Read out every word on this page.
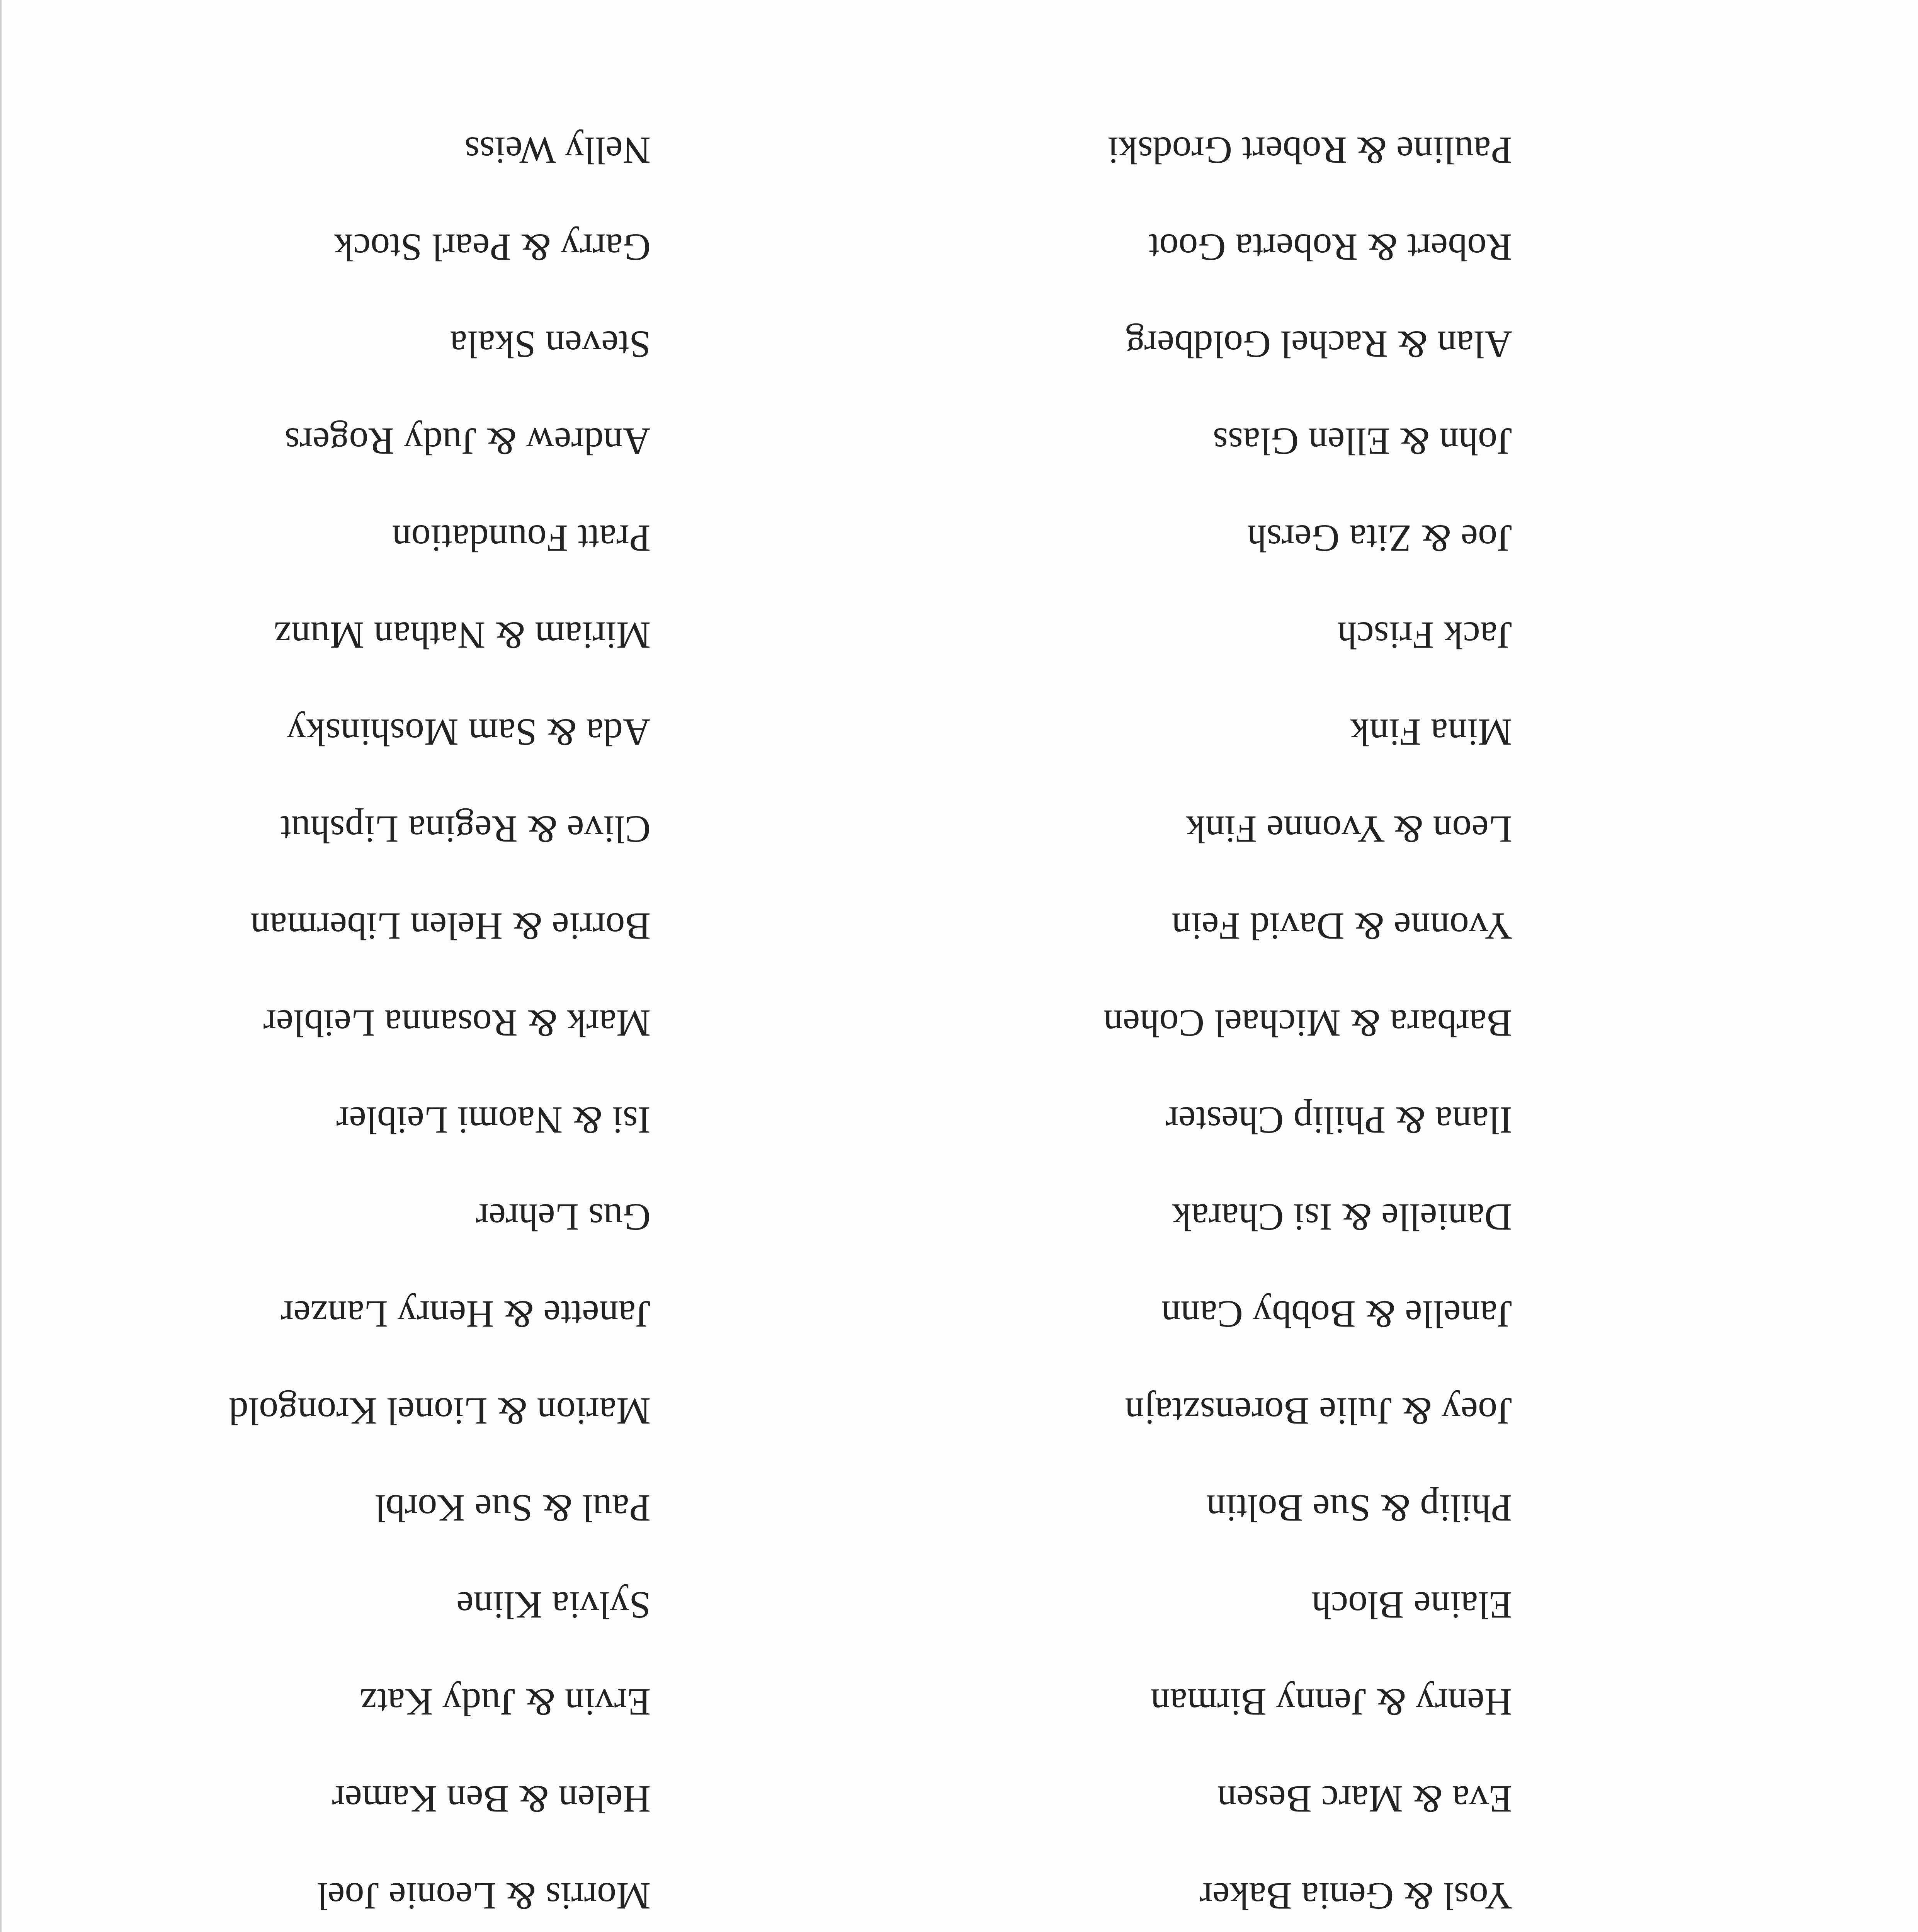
Yosl & Genia Baker
Eva & Marc Besen
Henry & Jenny Birman
Elaine Bloch
Philip & Sue Boltin
Joey & Julie Borensztajn
Janelle & Bobby Cann
Danielle & Isi Charak
Ilana & Philip Chester
Barbara & Michael Cohen
Yvonne & David Fein
Leon & Yvonne Fink
Mina Fink
Jack Frisch
Joe & Zita Gersh
John & Ellen Glass
Alan & Rachel Goldberg
Robert & Roberta Goot
Pauline & Robert Grodski
Morris & Leonie Joel
Helen & Ben Kamer
Ervin & Judy Katz
Sylvia Kline
Paul & Sue Korbl
Marion & Lionel Krongold
Janette & Henry Lanzer
Gus Lehrer
Isi & Naomi Leibler
Mark & Rosanna Leibler
Borrie & Helen Liberman
Clive & Regina Lipshut
Ada & Sam Moshinsky
Miriam & Nathan Munz
Pratt Foundation
Andrew & Judy Rogers
Steven Skala
Garry & Pearl Stock
Nelly Weiss
